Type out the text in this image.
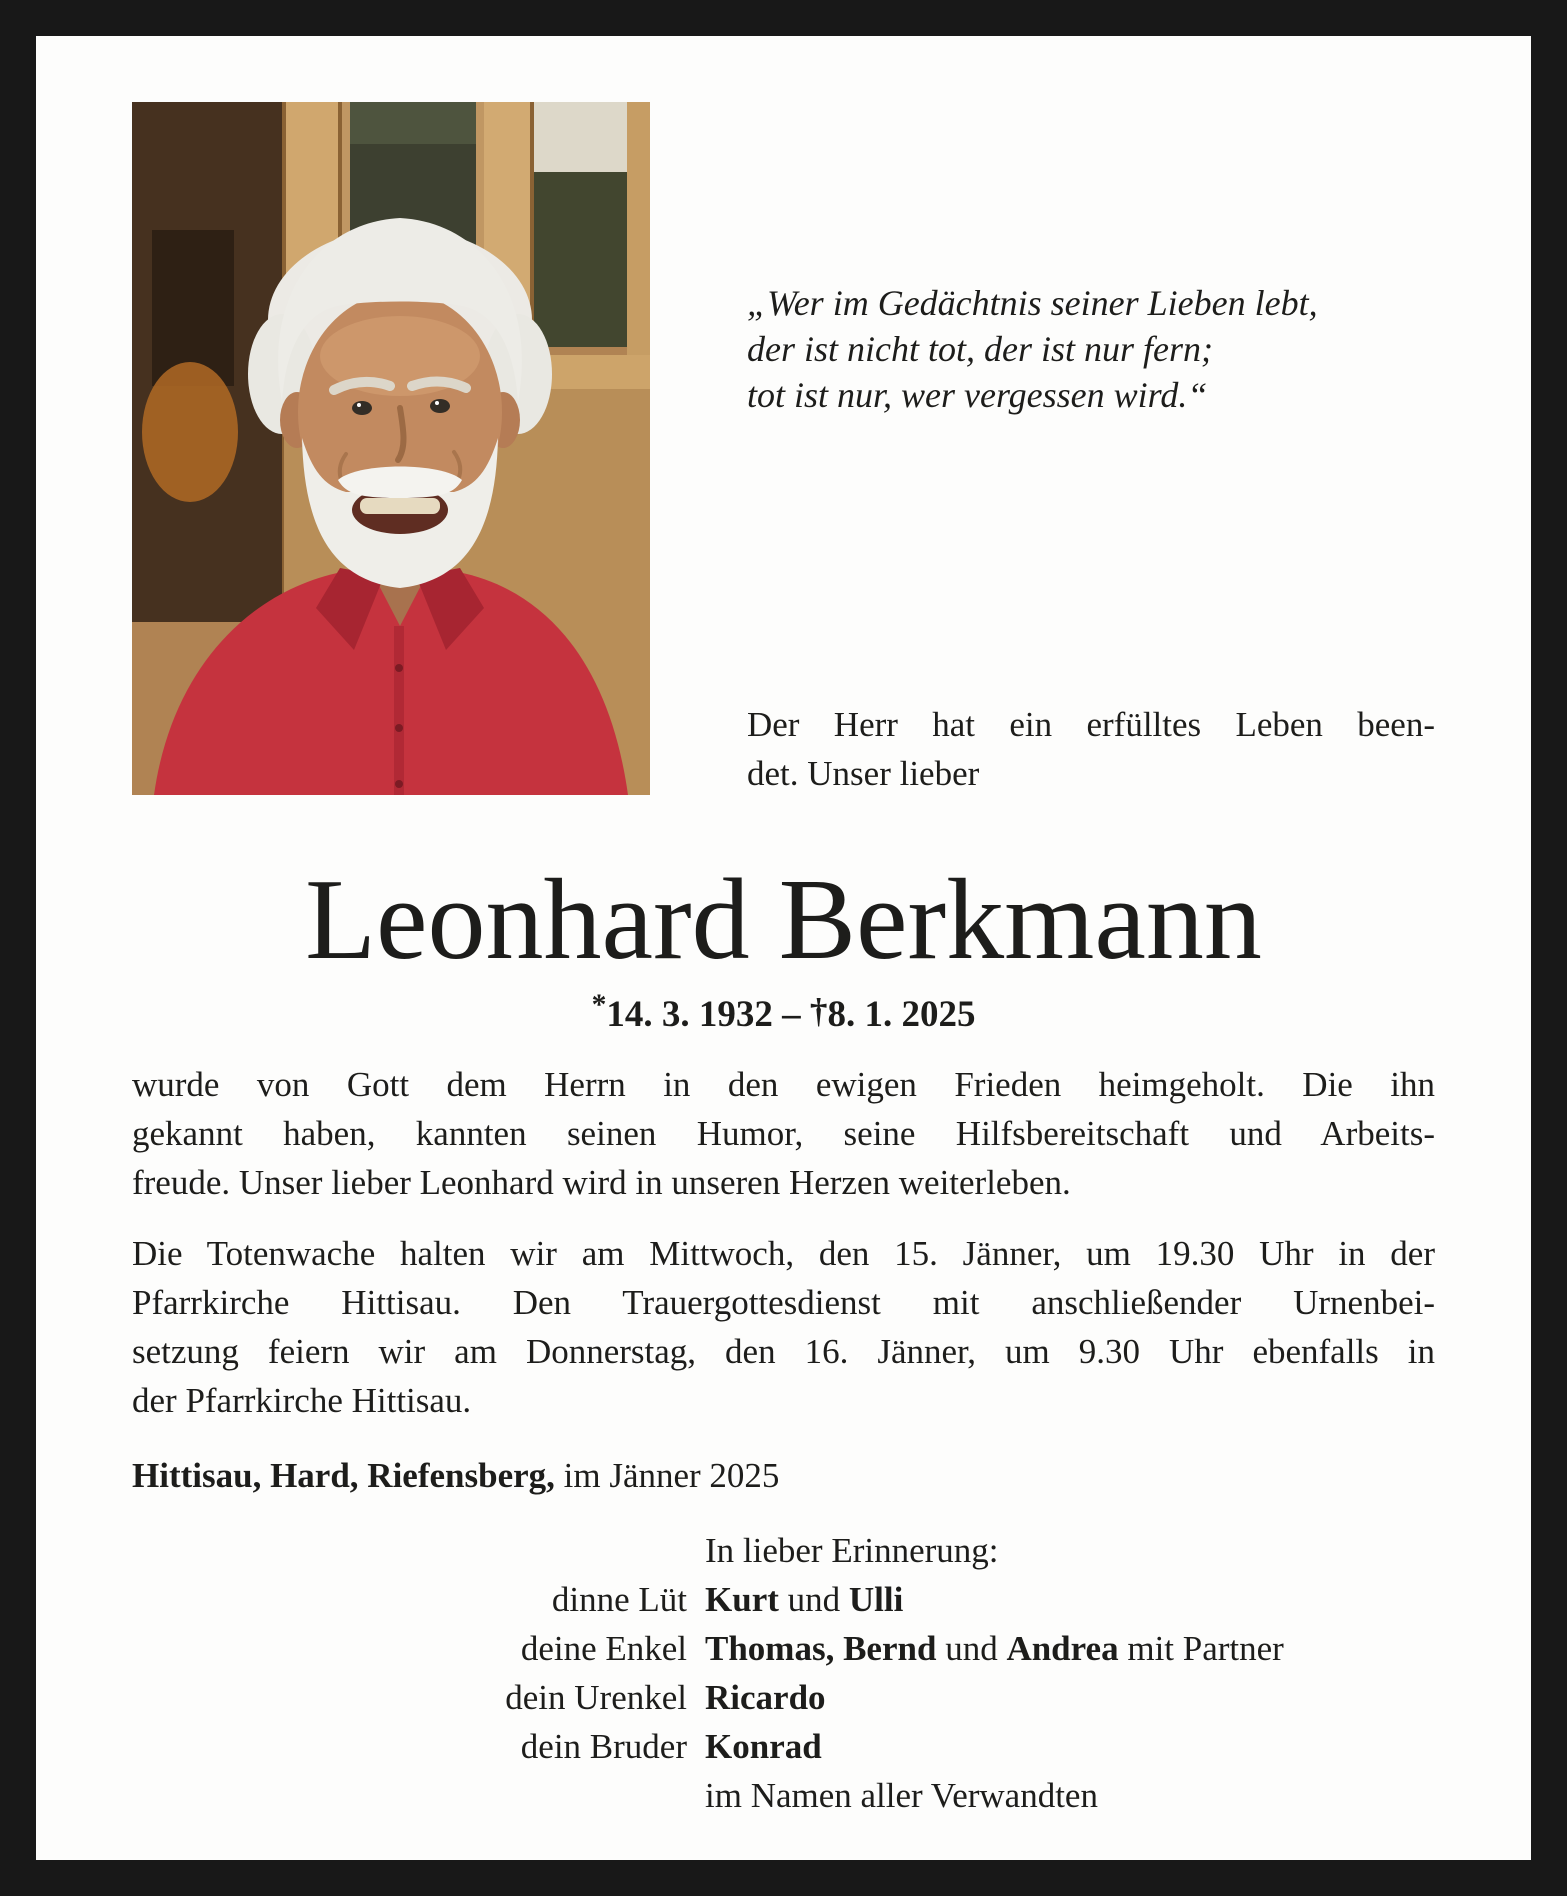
„Wer im Gedächtnis seiner Lieben lebt,
der ist nicht tot, der ist nur fern;
tot ist nur, wer vergessen wird.“
Der Herr hat ein erfülltes Leben been-
det. Unser lieber
Leonhard Berkmann
*14. 3. 1932 – †8. 1. 2025
wurde von Gott dem Herrn in den ewigen Frieden heimgeholt. Die ihn
gekannt haben, kannten seinen Humor, seine Hilfsbereitschaft und Arbeits-
freude. Unser lieber Leonhard wird in unseren Herzen weiterleben.
Die Totenwache halten wir am Mittwoch, den 15. Jänner, um 19.30 Uhr in der
Pfarrkirche Hittisau. Den Trauergottesdienst mit anschließender Urnenbei-
setzung feiern wir am Donnerstag, den 16. Jänner, um 9.30 Uhr ebenfalls in
der Pfarrkirche Hittisau.
Hittisau, Hard, Riefensberg, im Jänner 2025
In lieber Erinnerung:
dinne Lüt Kurt und Ulli
deine Enkel Thomas, Bernd und Andrea mit Partner
dein Urenkel Ricardo
dein Bruder Konrad
im Namen aller Verwandten
